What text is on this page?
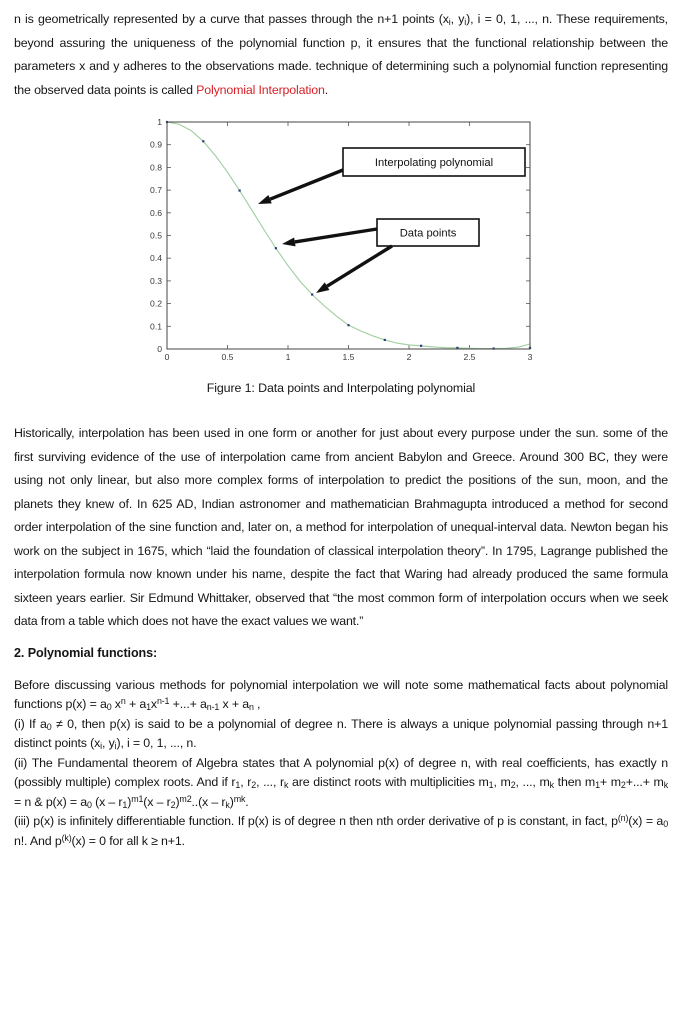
n is geometrically represented by a curve that passes through the n+1 points ($x_i$, $y_i$), i = 0, 1, ..., n. These requirements, beyond assuring the uniqueness of the polynomial function p, it ensures that the functional relationship between the parameters x and y adheres to the observations made. technique of determining such a polynomial function representing the observed data points is called Polynomial Interpolation.

0
0.1
0.2
0.3
0.4
0.5
0.6
0.7
0.8
0.9
1
0	0.5	1	1.5	2	2.5	3
Interpolating polynomial
Data points
Figure 1: Data points and Interpolating polynomial

Historically, interpolation has been used in one form or another for just about every purpose under the sun. some of the first surviving evidence of the use of interpolation came from ancient Babylon and Greece. Around 300 BC, they were using not only linear, but also more complex forms of interpolation to predict the positions of the sun, moon, and the planets they knew of. In 625 AD, Indian astronomer and mathematician Brahmagupta introduced a method for second order interpolation of the sine function and, later on, a method for interpolation of unequal-interval data. Newton began his work on the subject in 1675, which “laid the foundation of classical interpolation theory”. In 1795, Lagrange published the interpolation formula now known under his name, despite the fact that Waring had already produced the same formula sixteen years earlier. Sir Edmund Whittaker, observed that “the most common form of interpolation occurs when we seek data from a table which does not have the exact values we want.”

2. Polynomial functions:

Before discussing various methods for polynomial interpolation we will note some mathematical facts about polynomial functions $p(x) = a_0$ $x^n + a_1x^{n-1}$ +...+ $a_{n-1}$ $x + a_n$ ,

(i) If $a_0 \ne 0$, then p(x) is said to be a polynomial of degree n. There is always a unique polynomial passing through n+1 distinct points ($x_i$, $y_i$), i = 0, 1, ..., n.

(ii) The Fundamental theorem of Algebra states that A polynomial p(x) of degree n, with real coefficients, has exactly n (possibly multiple) complex roots. And if $r_1$, $r_2$, ..., $r_k$ are distinct roots with multiplicities $m_1$, $m_2$, ..., $m_k$ then $m_1+ m_2+...+ m_k = n$ & $p(x) = a_0$ $(x - r_1)^{m1}(x - r_2)^{m2}..(x - r_k)^{mk}$.

(iii) p(x) is infinitely differentiable function. If p(x) is of degree n then nth order derivative of p is constant, in fact, $p^{(n)}(x) = a_0$ n!. And $p^{(k)}(x) = 0$ for all k ≥ n+1.
